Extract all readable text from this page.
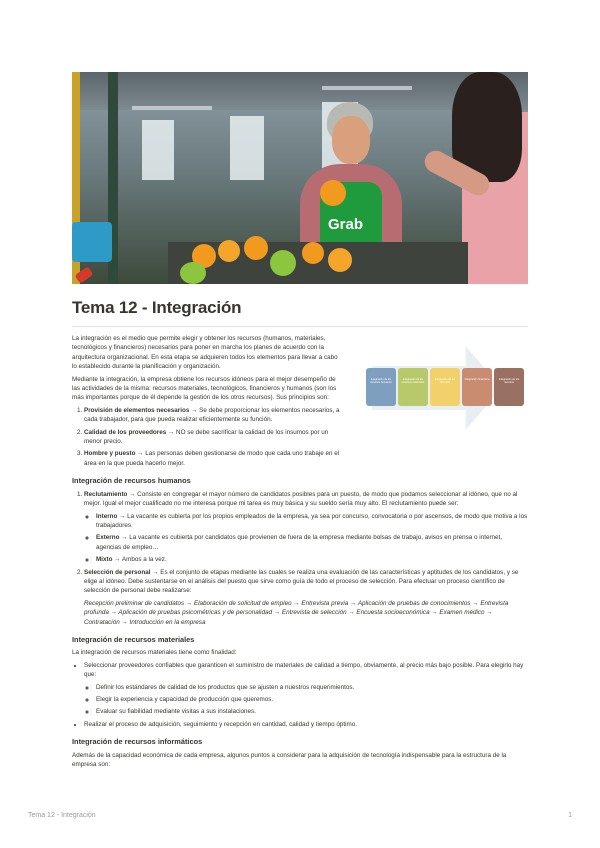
Grab
Tema 12 - Integración
Integración de los recursos humanos
Integración de los recursos materiales
Integración de los recursos
Integración financiera	Integración de los recursos

La integración es el medio que permite elegir y obtener los recursos (humanos, materiales, tecnológicos y financieros) necesarios para poner en marcha los planes de acuerdo con la arquitectura organizacional. En esta etapa se adquieren todos los elementos para llevar a cabo lo establecido durante la planificación y organización.

Mediante la integración, la empresa obtiene los recursos idóneos para el mejor desempeño de las actividades de la misma: recursos materiales, tecnológicos, financieros y humanos (son los más importantes porque de él depende la gestión de los otros recursos). Sus principios son:

1. Provisión de elementos necesarios → Se debe proporcionar los elementos necesarios, a cada trabajador, para que pueda realizar eficientemente su función.
2. Calidad de los proveedores → NO se debe sacrificar la calidad de los insumos por un menor precio.
3. Hombre y puesto → Las personas deben gestionarse de modo que cada uno trabaje en el área en la que pueda hacerlo mejor.
Integración de recursos humanos
1. Reclutamiento → Consiste en congregar el mayor número de candidatos posibles para un puesto, de modo que podamos seleccionar al idóneo, que no al mejor. Igual el mejor cualificado no me interesa porque mi tarea es muy básica y su sueldo sería muy alto. El reclutamiento puede ser:
◦ Interno → La vacante es cubierta por los propios empleados de la empresa, ya sea por concurso, convocatoria o por ascensos, de modo que motiva a los trabajadores.
◦ Externo → La vacante es cubierta por candidatos que provienen de fuera de la empresa mediante bolsas de trabajo, avisos en prensa o internet, agencias de empleo…
◦ Mixto → Ambos a la vez.
2. Selección de personal → Es el conjunto de etapas mediante las cuales se realiza una evaluación de las características y aptitudes de los candidatos, y se elige al idóneo. Debe sustentarse en el análisis del puesto que sirve como guía de todo el proceso de selección. Para efectuar un proceso científico de selección de personal debe realizarse:

Recepción preliminar de candidatos → Elaboración de solicitud de empleo → Entrevista previa → Aplicación de pruebas de conocimientos → Entrevista profunda → Aplicación de pruebas psicométricas y de personalidad → Entrevista de selección → Encuesta socioeconómica → Examen médico → Contratación → Introducción en la empresa

Integración de recursos materiales

La integración de recursos materiales tiene como finalidad:

• Seleccionar proveedores confiables que garanticen el suministro de materiales de calidad a tiempo, obviamente, al precio más bajo posible. Para elegirlo hay que:
◦ Definir los estándares de calidad de los productos que se ajusten a nuestros requerimientos.
◦ Elegir la experiencia y capacidad de producción que queremos.
◦ Evaluar su fiabilidad mediante visitas a sus instalaciones.
• Realizar el proceso de adquisición, seguimiento y recepción en cantidad, calidad y tiempo óptimo.
Integración de recursos informáticos

Además de la capacidad económica de cada empresa, algunos puntos a considerar para la adquisición de tecnología indispensable para la estructura de la empresa son:

Tema 12 - Integración	1
